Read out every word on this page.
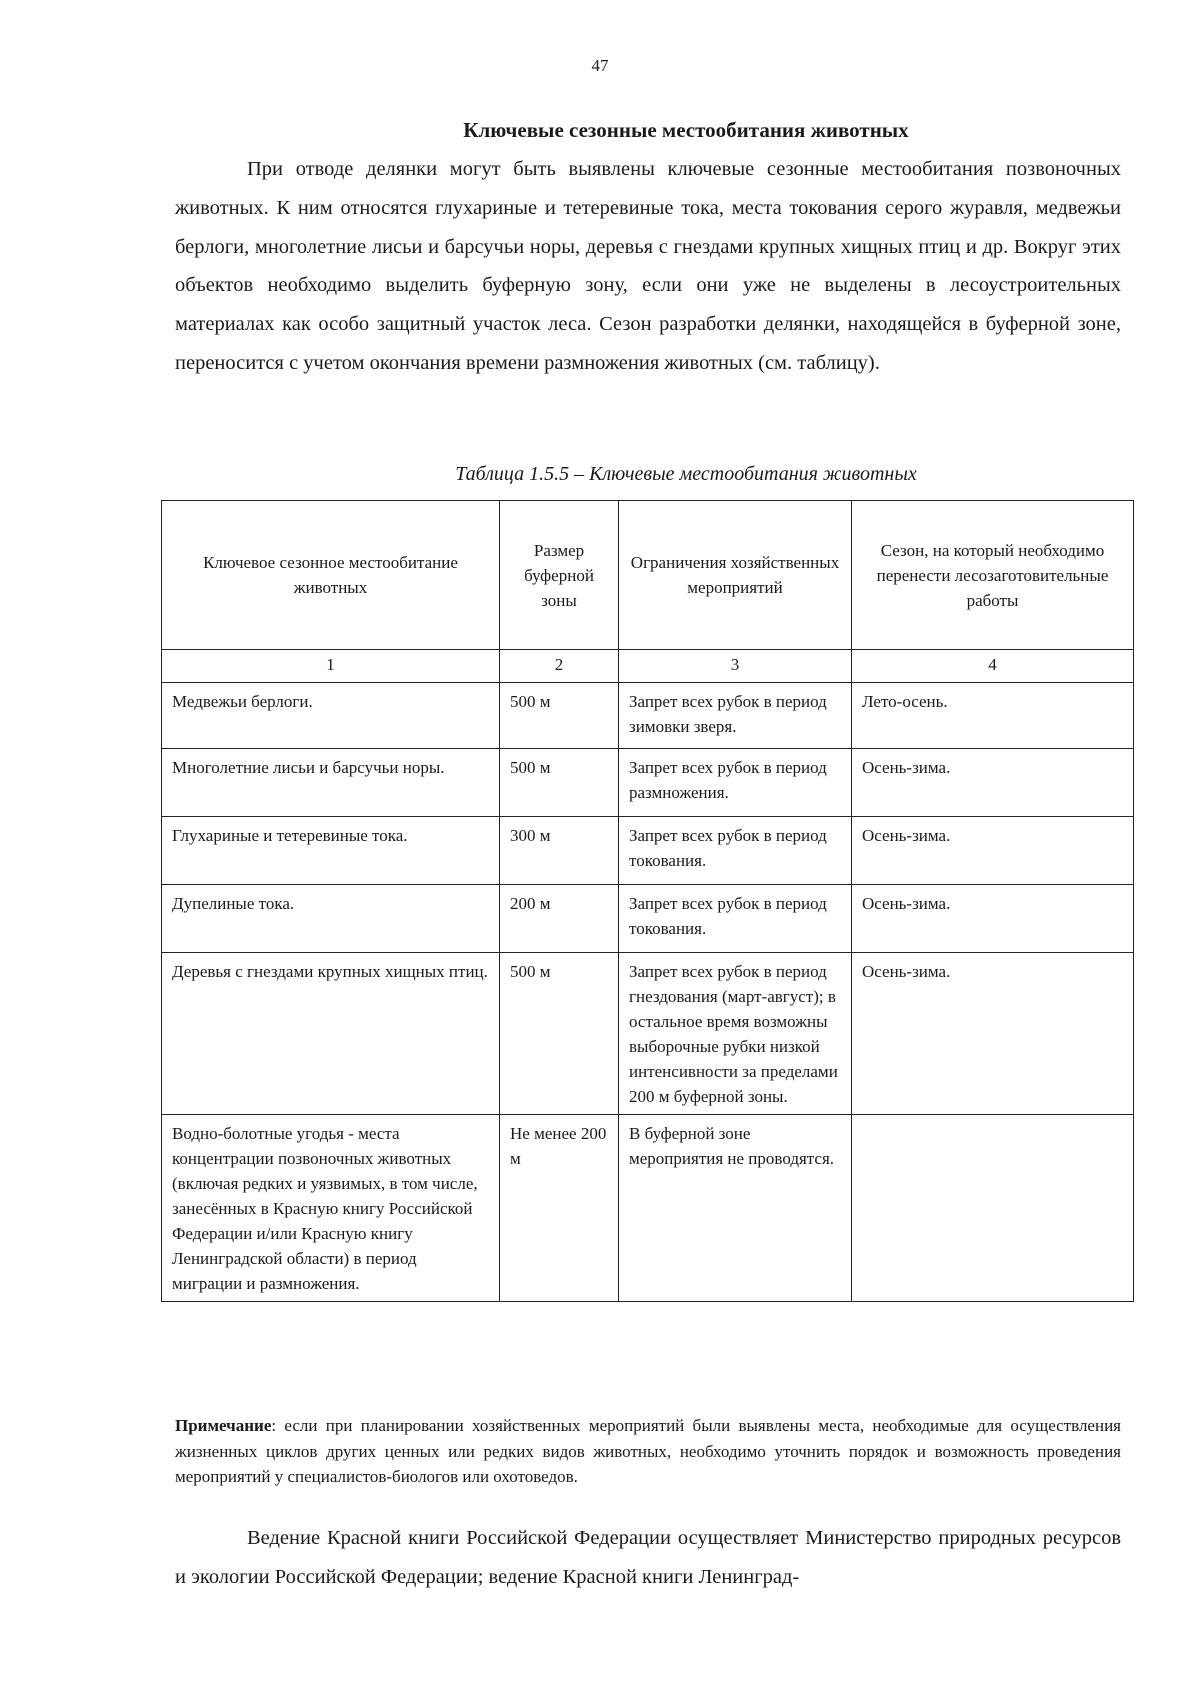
47
Ключевые сезонные местообитания животных

При отводе делянки могут быть выявлены ключевые сезонные местообитания позвоночных животных. К ним относятся глухариные и тетеревиные тока, места токования серого журавля, медвежьи берлоги, многолетние лисьи и барсучьи норы, деревья с гнездами крупных хищных птиц и др. Вокруг этих объектов необходимо выделить буферную зону, если они уже не выделены в лесоустроительных материалах как особо защитный участок леса. Сезон разработки делянки, находящейся в буферной зоне, переносится с учетом окончания времени размножения животных (см. таблицу).

Таблица 1.5.5 – Ключевые местообитания животных
Ключевое сезонное местообитание животных	Размер буферной зоны	Ограничения хозяйственных мероприятий	Сезон, на который необходимо перенести лесозаготовительные работы
1	2	3	4
Медвежьи берлоги.	500 м	Запрет всех рубок в период зимовки зверя.	Лето-осень.
Многолетние лисьи и барсучьи норы.	500 м	Запрет всех рубок в период размножения.	Осень-зима.
Глухариные и тетеревиные тока.	300 м	Запрет всех рубок в период токования.	Осень-зима.
Дупелиные тока.	200 м	Запрет всех рубок в период токования.	Осень-зима.
Деревья с гнездами крупных хищных птиц.	500 м	Запрет всех рубок в период гнездования (март-август); в остальное время возможны выборочные рубки низкой интенсивности за пределами 200 м буферной зоны.	Осень-зима.
Водно-болотные угодья - места концентрации позвоночных животных (включая редких и уязвимых, в том числе, занесённых в Красную книгу Российской Федерации и/или Красную книгу Ленинградской области) в период миграции и размножения.	Не менее 200 м	В буферной зоне мероприятия не проводятся.	

Примечание: если при планировании хозяйственных мероприятий были выявлены места, необходимые для осуществления жизненных циклов других ценных или редких видов животных, необходимо уточнить порядок и возможность проведения мероприятий у специалистов-биологов или охотоведов.

Ведение Красной книги Российской Федерации осуществляет Министерство природных ресурсов и экологии Российской Федерации; ведение Красной книги Ленинград-
